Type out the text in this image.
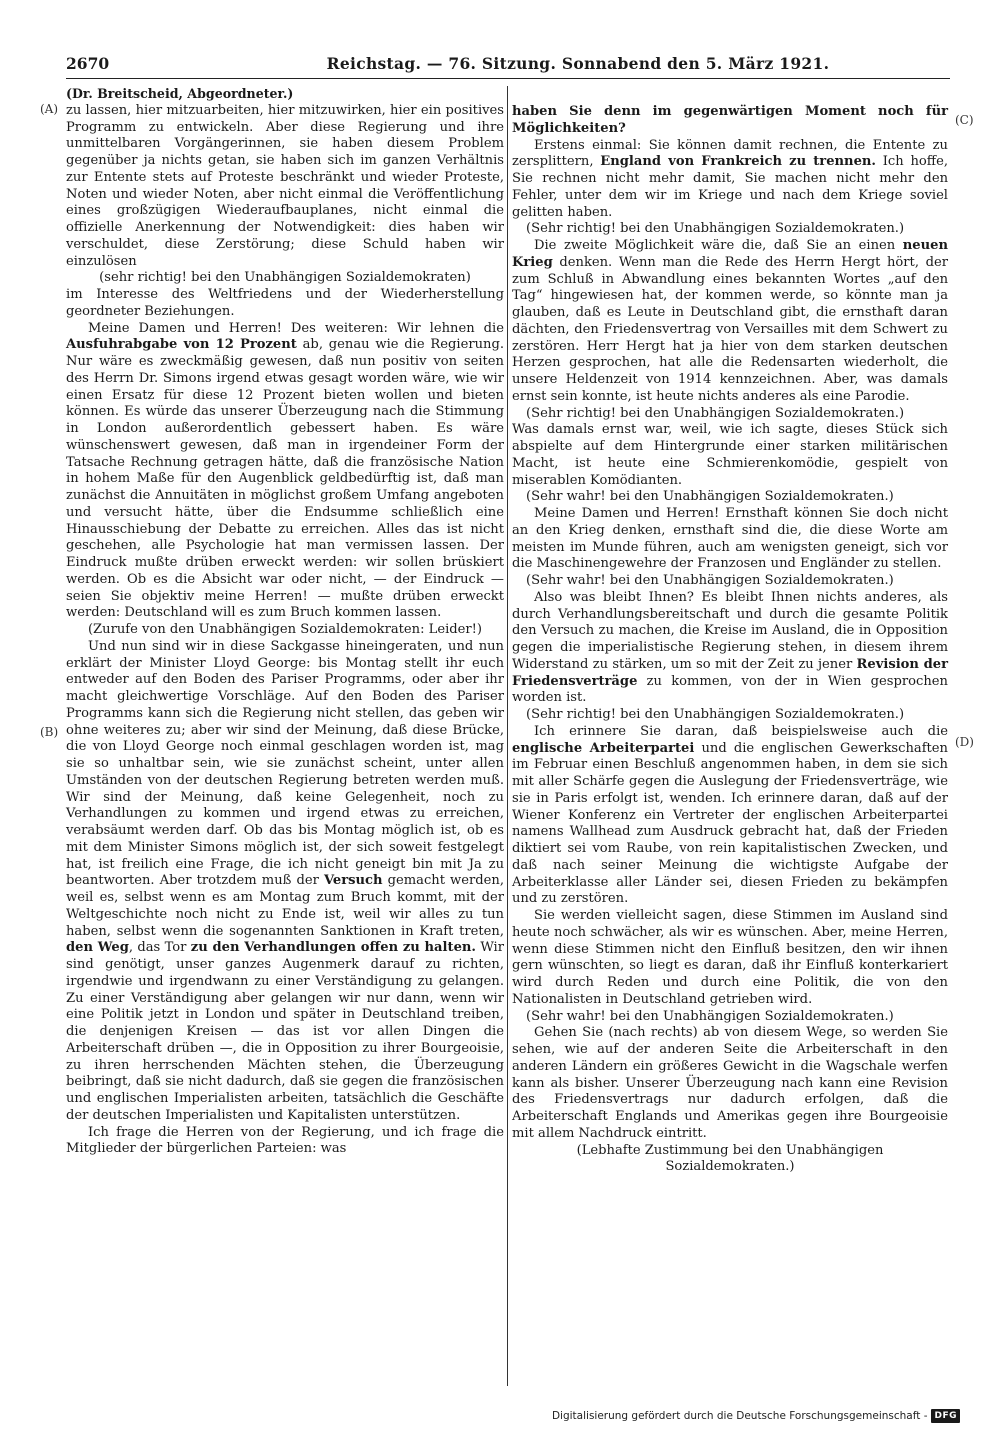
2670	Reichstag. — 76. Sitzung. Sonnabend den 5. März 1921.
(A)
(B)
(C)
(D)

(Dr. Breitscheid, Abgeordneter.)

zu lassen, hier mitzuarbeiten, hier mitzuwirken, hier ein positives Programm zu entwickeln. Aber diese Regierung und ihre unmittelbaren Vorgängerinnen, sie haben diesem Problem gegenüber ja nichts getan, sie haben sich im ganzen Verhältnis zur Entente stets auf Proteste beschränkt und wieder Proteste, Noten und wieder Noten, aber nicht einmal die Veröffentlichung eines großzügigen Wiederaufbauplanes, nicht einmal die offizielle Anerkennung der Notwendigkeit: dies haben wir verschuldet, diese Zerstörung; diese Schuld haben wir einzulösen

(sehr richtig! bei den Unabhängigen Sozialdemokraten)

im Interesse des Weltfriedens und der Wiederherstellung geordneter Beziehungen.

Meine Damen und Herren! Des weiteren: Wir lehnen die Ausfuhrabgabe von 12 Prozent ab, genau wie die Regierung. Nur wäre es zweckmäßig gewesen, daß nun positiv von seiten des Herrn Dr. Simons irgend etwas gesagt worden wäre, wie wir einen Ersatz für diese 12 Prozent bieten wollen und bieten können. Es würde das unserer Überzeugung nach die Stimmung in London außerordentlich gebessert haben. Es wäre wünschenswert gewesen, daß man in irgendeiner Form der Tatsache Rechnung getragen hätte, daß die französische Nation in hohem Maße für den Augenblick geldbedürftig ist, daß man zunächst die Annuitäten in möglichst großem Umfang angeboten und versucht hätte, über die Endsumme schließlich eine Hinausschiebung der Debatte zu erreichen. Alles das ist nicht geschehen, alle Psychologie hat man vermissen lassen. Der Eindruck mußte drüben erweckt werden: wir sollen brüskiert werden. Ob es die Absicht war oder nicht, — der Eindruck — seien Sie objektiv meine Herren! — mußte drüben erweckt werden: Deutschland will es zum Bruch kommen lassen.

(Zurufe von den Unabhängigen Sozialdemokraten: Leider!)

Und nun sind wir in diese Sackgasse hineingeraten, und nun erklärt der Minister Lloyd George: bis Montag stellt ihr euch entweder auf den Boden des Pariser Programms, oder aber ihr macht gleichwertige Vorschläge. Auf den Boden des Pariser Programms kann sich die Regierung nicht stellen, das geben wir ohne weiteres zu; aber wir sind der Meinung, daß diese Brücke, die von Lloyd George noch einmal geschlagen worden ist, mag sie so unhaltbar sein, wie sie zunächst scheint, unter allen Umständen von der deutschen Regierung betreten werden muß. Wir sind der Meinung, daß keine Gelegenheit, noch zu Verhandlungen zu kommen und irgend etwas zu erreichen, verabsäumt werden darf. Ob das bis Montag möglich ist, ob es mit dem Minister Simons möglich ist, der sich soweit festgelegt hat, ist freilich eine Frage, die ich nicht geneigt bin mit Ja zu beantworten. Aber trotzdem muß der Versuch gemacht werden, weil es, selbst wenn es am Montag zum Bruch kommt, mit der Weltgeschichte noch nicht zu Ende ist, weil wir alles zu tun haben, selbst wenn die sogenannten Sanktionen in Kraft treten, den Weg, das Tor zu den Verhandlungen offen zu halten. Wir sind genötigt, unser ganzes Augenmerk darauf zu richten, irgendwie und irgendwann zu einer Verständigung zu gelangen. Zu einer Verständigung aber gelangen wir nur dann, wenn wir eine Politik jetzt in London und später in Deutschland treiben, die denjenigen Kreisen — das ist vor allen Dingen die Arbeiterschaft drüben —, die in Opposition zu ihrer Bourgeoisie, zu ihren herrschenden Mächten stehen, die Überzeugung beibringt, daß sie nicht dadurch, daß sie gegen die französischen und englischen Imperialisten arbeiten, tatsächlich die Geschäfte der deutschen Imperialisten und Kapitalisten unterstützen.

Ich frage die Herren von der Regierung, und ich frage die Mitglieder der bürgerlichen Parteien: was

haben Sie denn im gegenwärtigen Moment noch für Möglichkeiten?

Erstens einmal: Sie können damit rechnen, die Entente zu zersplittern, England von Frankreich zu trennen. Ich hoffe, Sie rechnen nicht mehr damit, Sie machen nicht mehr den Fehler, unter dem wir im Kriege und nach dem Kriege soviel gelitten haben.

(Sehr richtig! bei den Unabhängigen Sozialdemokraten.)

Die zweite Möglichkeit wäre die, daß Sie an einen neuen Krieg denken. Wenn man die Rede des Herrn Hergt hört, der zum Schluß in Abwandlung eines bekannten Wortes „auf den Tag“ hingewiesen hat, der kommen werde, so könnte man ja glauben, daß es Leute in Deutschland gibt, die ernsthaft daran dächten, den Friedensvertrag von Versailles mit dem Schwert zu zerstören. Herr Hergt hat ja hier von dem starken deutschen Herzen gesprochen, hat alle die Redensarten wiederholt, die unsere Heldenzeit von 1914 kennzeichnen. Aber, was damals ernst sein konnte, ist heute nichts anderes als eine Parodie.

(Sehr richtig! bei den Unabhängigen Sozialdemokraten.)

Was damals ernst war, weil, wie ich sagte, dieses Stück sich abspielte auf dem Hintergrunde einer starken militärischen Macht, ist heute eine Schmierenkomödie, gespielt von miserablen Komödianten.

(Sehr wahr! bei den Unabhängigen Sozialdemokraten.)

Meine Damen und Herren! Ernsthaft können Sie doch nicht an den Krieg denken, ernsthaft sind die, die diese Worte am meisten im Munde führen, auch am wenigsten geneigt, sich vor die Maschinengewehre der Franzosen und Engländer zu stellen.

(Sehr wahr! bei den Unabhängigen Sozialdemokraten.)

Also was bleibt Ihnen? Es bleibt Ihnen nichts anderes, als durch Verhandlungsbereitschaft und durch die gesamte Politik den Versuch zu machen, die Kreise im Ausland, die in Opposition gegen die imperialistische Regierung stehen, in diesem ihrem Widerstand zu stärken, um so mit der Zeit zu jener Revision der Friedensverträge zu kommen, von der in Wien gesprochen worden ist.

(Sehr richtig! bei den Unabhängigen Sozialdemokraten.)

Ich erinnere Sie daran, daß beispielsweise auch die englische Arbeiterpartei und die englischen Gewerkschaften im Februar einen Beschluß angenommen haben, in dem sie sich mit aller Schärfe gegen die Auslegung der Friedensverträge, wie sie in Paris erfolgt ist, wenden. Ich erinnere daran, daß auf der Wiener Konferenz ein Vertreter der englischen Arbeiterpartei namens Wallhead zum Ausdruck gebracht hat, daß der Frieden diktiert sei vom Raube, von rein kapitalistischen Zwecken, und daß nach seiner Meinung die wichtigste Aufgabe der Arbeiterklasse aller Länder sei, diesen Frieden zu bekämpfen und zu zerstören.

Sie werden vielleicht sagen, diese Stimmen im Ausland sind heute noch schwächer, als wir es wünschen. Aber, meine Herren, wenn diese Stimmen nicht den Einfluß besitzen, den wir ihnen gern wünschten, so liegt es daran, daß ihr Einfluß konterkariert wird durch Reden und durch eine Politik, die von den Nationalisten in Deutschland getrieben wird.

(Sehr wahr! bei den Unabhängigen Sozialdemokraten.)

Gehen Sie (nach rechts) ab von diesem Wege, so werden Sie sehen, wie auf der anderen Seite die Arbeiterschaft in den anderen Ländern ein größeres Gewicht in die Wagschale werfen kann als bisher. Unserer Überzeugung nach kann eine Revision des Friedensvertrags nur dadurch erfolgen, daß die Arbeiterschaft Englands und Amerikas gegen ihre Bourgeoisie mit allem Nachdruck eintritt.

(Lebhafte Zustimmung bei den Unabhängigen Sozialdemokraten.)

Digitalisierung gefördert durch die Deutsche Forschungsgemeinschaft - DFG
